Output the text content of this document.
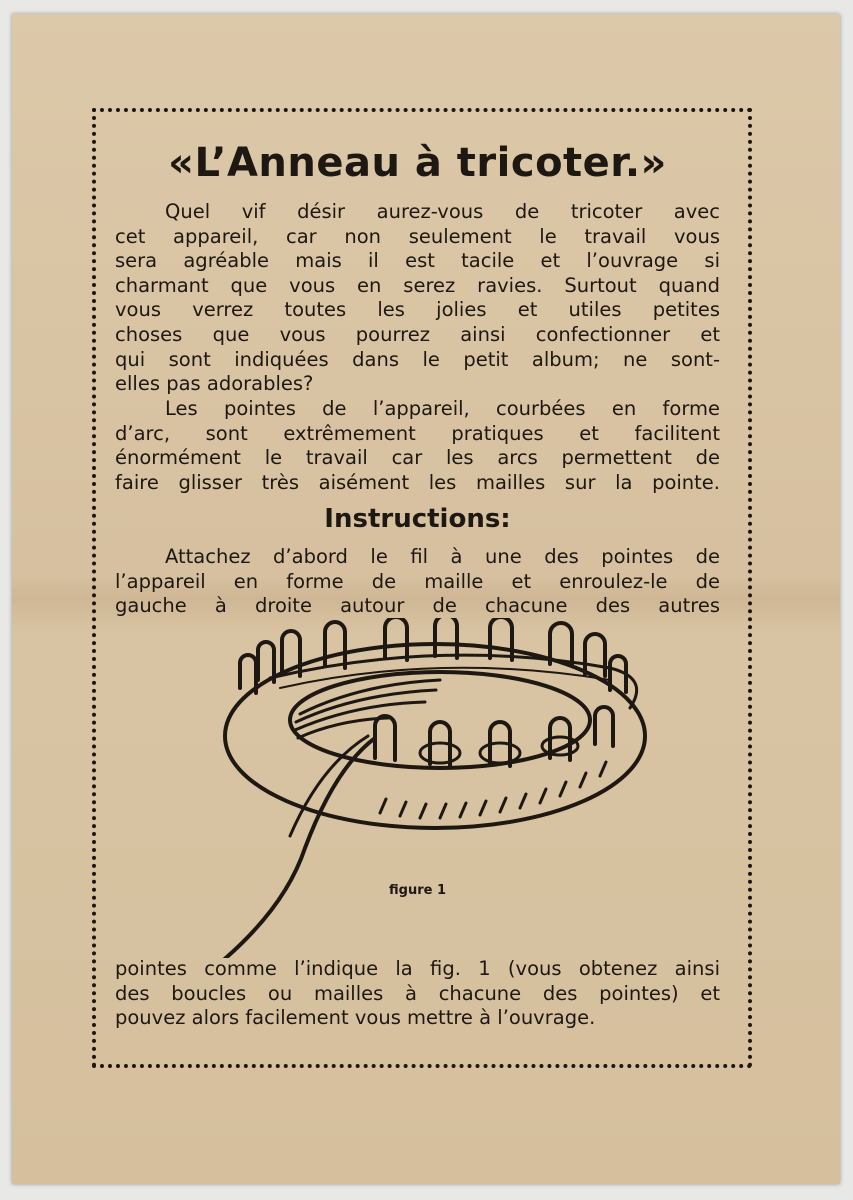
«L’Anneau à tricoter.»
Quel vif désir aurez-vous de tricoter avec
cet appareil, car non seulement le travail vous
sera agréable mais il est tacile et l’ouvrage si
charmant que vous en serez ravies. Surtout quand
vous verrez toutes les jolies et utiles petites
choses que vous pourrez ainsi confectionner et
qui sont indiquées dans le petit album; ne sont-
elles pas adorables?
Les pointes de l’appareil, courbées en forme
d’arc, sont extrêmement pratiques et facilitent
énormément le travail car les arcs permettent de
faire glisser très aisément les mailles sur la pointe.
Instructions:
Attachez d’abord le fil à une des pointes de
l’appareil en forme de maille et enroulez-le de
gauche à droite autour de chacune des autres

figure 1

pointes comme l’indique la fig. 1 (vous obtenez ainsi
des boucles ou mailles à chacune des pointes) et
pouvez alors facilement vous mettre à l’ouvrage.
